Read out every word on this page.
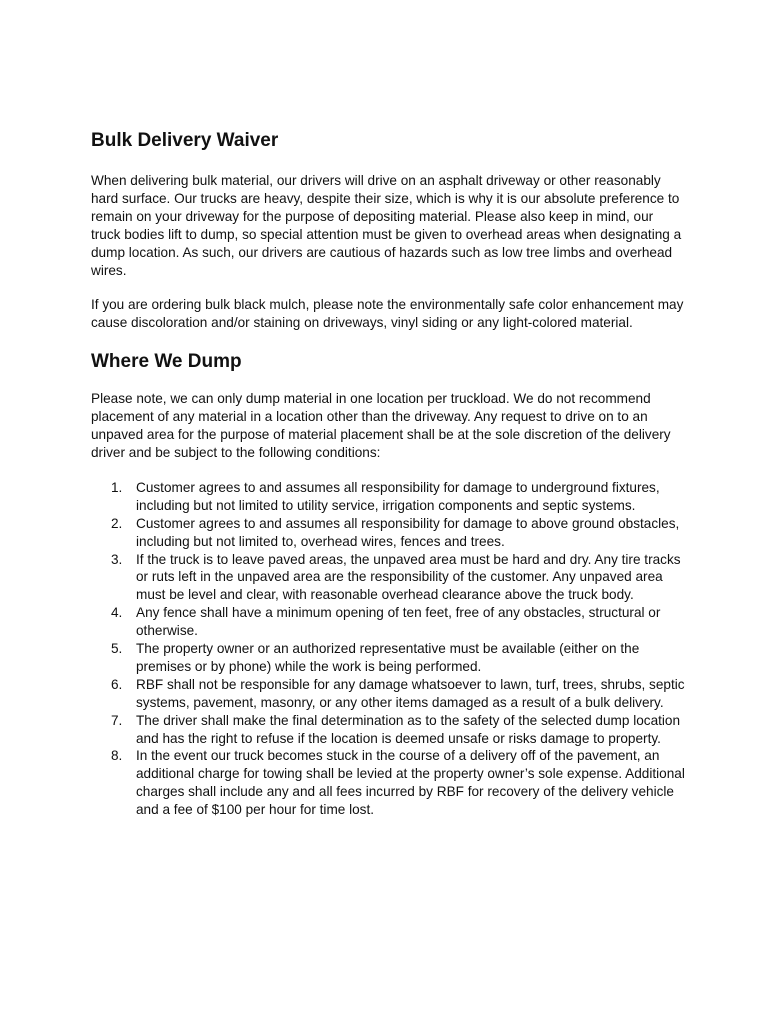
Bulk Delivery Waiver

When delivering bulk material, our drivers will drive on an asphalt driveway or other reasonably hard surface. Our trucks are heavy, despite their size, which is why it is our absolute preference to remain on your driveway for the purpose of depositing material. Please also keep in mind, our truck bodies lift to dump, so special attention must be given to overhead areas when designating a dump location. As such, our drivers are cautious of hazards such as low tree limbs and overhead wires.

If you are ordering bulk black mulch, please note the environmentally safe color enhancement may cause discoloration and/or staining on driveways, vinyl siding or any light-colored material.

Where We Dump

Please note, we can only dump material in one location per truckload. We do not recommend placement of any material in a location other than the driveway. Any request to drive on to an unpaved area for the purpose of material placement shall be at the sole discretion of the delivery driver and be subject to the following conditions:

1.	Customer agrees to and assumes all responsibility for damage to underground fixtures, including but not limited to utility service, irrigation components and septic systems.
2.	Customer agrees to and assumes all responsibility for damage to above ground obstacles, including but not limited to, overhead wires, fences and trees.
3.	If the truck is to leave paved areas, the unpaved area must be hard and dry. Any tire tracks or ruts left in the unpaved area are the responsibility of the customer. Any unpaved area must be level and clear, with reasonable overhead clearance above the truck body.
4.	Any fence shall have a minimum opening of ten feet, free of any obstacles, structural or otherwise.
5.	The property owner or an authorized representative must be available (either on the premises or by phone) while the work is being performed.
6.	RBF shall not be responsible for any damage whatsoever to lawn, turf, trees, shrubs, septic systems, pavement, masonry, or any other items damaged as a result of a bulk delivery.
7.	The driver shall make the final determination as to the safety of the selected dump location and has the right to refuse if the location is deemed unsafe or risks damage to property.
8.	In the event our truck becomes stuck in the course of a delivery off of the pavement, an additional charge for towing shall be levied at the property owner’s sole expense. Additional charges shall include any and all fees incurred by RBF for recovery of the delivery vehicle and a fee of $100 per hour for time lost.
